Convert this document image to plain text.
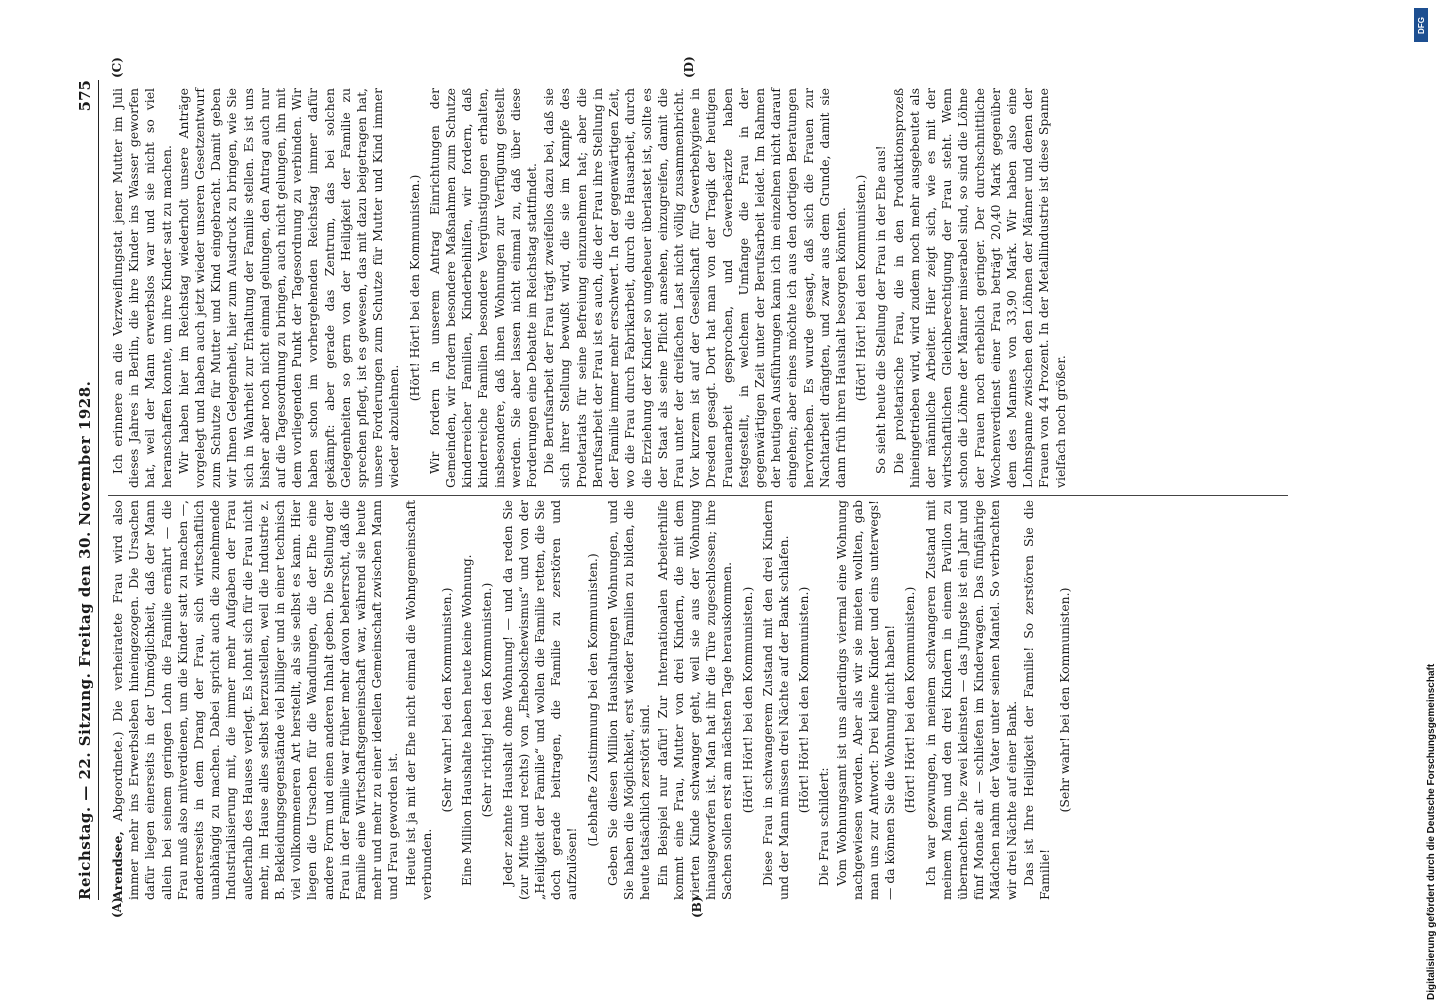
Reichstag. — 22. Sitzung. Freitag den 30. November 1928.
575
(A)	(B)
(C)	(D)

Arendsee, Abgeordnete.) Die verheiratete Frau wird also immer mehr ins Erwerbsleben hineingezogen. Die Ursachen dafür liegen einerseits in der Unmöglichkeit, daß der Mann allein bei seinem geringen Lohn die Familie ernährt — die Frau muß also mitverdienen, um die Kinder satt zu machen —, andererseits in dem Drang der Frau, sich wirtschaftlich unabhängig zu machen. Dabei spricht auch die zunehmende Industrialisierung mit, die immer mehr Aufgaben der Frau außerhalb des Hauses verlegt. Es lohnt sich für die Frau nicht mehr, im Hause alles selbst herzustellen, weil die Industrie z. B. Bekleidungsgegenstände viel billiger und in einer technisch viel vollkommeneren Art herstellt, als sie selbst es kann. Hier liegen die Ursachen für die Wandlungen, die der Ehe eine andere Form und einen anderen Inhalt geben. Die Stellung der Frau in der Familie war früher mehr davon beherrscht, daß die Familie eine Wirtschaftsgemeinschaft war, während sie heute mehr und mehr zu einer ideellen Gemeinschaft zwischen Mann und Frau geworden ist. Heute ist ja mit der Ehe nicht einmal die Wohngemeinschaft verbunden.

(Sehr wahr! bei den Kommunisten.) Eine Million Haushalte haben heute keine Wohnung. (Sehr richtig! bei den Kommunisten.) Jeder zehnte Haushalt ohne Wohnung! — und da reden Sie (zur Mitte und rechts) von „Ehebolschewismus“ und von der „Heiligkeit der Familie“ und wollen die Familie retten, die Sie doch gerade beitragen, die Familie zu zerstören und aufzulösen!

(Lebhafte Zustimmung bei den Kommunisten.) Geben Sie diesen Million Haushaltungen Wohnungen, und Sie haben die Möglichkeit, erst wieder Familien zu bilden, die heute tatsächlich zerstört sind. Ein Beispiel nur dafür! Zur Internationalen Arbeiterhilfe kommt eine Frau, Mutter von drei Kindern, die mit dem vierten Kinde schwanger geht, weil sie aus der Wohnung hinausgeworfen ist. Man hat ihr die Türe zugeschlossen; ihre Sachen sollen erst am nächsten Tage herauskommen. (Hört! Hört! bei den Kommunisten.) Diese Frau in schwangerem Zustand mit den drei Kindern und der Mann müssen drei Nächte auf der Bank schlafen. (Hört! Hört! bei den Kommunisten.)

Die Frau schildert: Vom Wohnungsamt ist uns allerdings viermal eine Wohnung nachgewiesen worden. Aber als wir sie mieten wollten, gab man uns zur Antwort: Drei kleine Kinder und eins unterwegs! — da können Sie die Wohnung nicht haben! (Hört! Hört! bei den Kommunisten.) Ich war gezwungen, in meinem schwangeren Zustand mit meinem Mann und den drei Kindern in einem Pavillon zu übernachten. Die zwei kleinsten — das Jüngste ist ein Jahr und fünf Monate alt — schliefen im Kinderwagen. Das fünfjährige Mädchen nahm der Vater unter seinen Mantel. So verbrachten wir drei Nächte auf einer Bank. Das ist Ihre Heiligkeit der Familie! So zerstören Sie die Familie!

(Sehr wahr! bei den Kommunisten.)

Ich erinnere an die Verzweiflungstat jener Mutter im Juli dieses Jahres in Berlin, die ihre Kinder ins Wasser geworfen hat, weil der Mann erwerbslos war und sie nicht so viel heranschaffen konnte, um ihre Kinder satt zu machen. Wir haben hier im Reichstag wiederholt unsere Anträge vorgelegt und haben auch jetzt wieder unseren Gesetzentwurf zum Schutze für Mutter und Kind eingebracht. Damit geben wir Ihnen Gelegenheit, hier zum Ausdruck zu bringen, wie Sie sich in Wahrheit zur Erhaltung der Familie stellen. Es ist uns bisher aber noch nicht einmal gelungen, den Antrag auch nur auf die Tagesordnung zu bringen, auch nicht gelungen, ihn mit dem vorliegenden Punkt der Tagesordnung zu verbinden. Wir haben schon im vorhergehenden Reichstag immer dafür gekämpft: aber gerade das Zentrum, das bei solchen Gelegenheiten so gern von der Heiligkeit der Familie zu sprechen pflegt, ist es gewesen, das mit dazu beigetragen hat, unsere Forderungen zum Schutze für Mutter und Kind immer wieder abzulehnen.

(Hört! Hört! bei den Kommunisten.) Wir fordern in unserem Antrag Einrichtungen der Gemeinden, wir fordern besondere Maßnahmen zum Schutze kinderreicher Familien, Kinderbeihilfen, wir fordern, daß kinderreiche Familien besondere Vergünstigungen erhalten, insbesondere, daß ihnen Wohnungen zur Verfügung gestellt werden. Sie aber lassen nicht einmal zu, daß über diese Forderungen eine Debatte im Reichstag stattfindet. Die Berufsarbeit der Frau trägt zweifellos dazu bei, daß sie sich ihrer Stellung bewußt wird, die sie im Kampfe des Proletariats für seine Befreiung einzunehmen hat; aber die Berufsarbeit der Frau ist es auch, die der Frau ihre Stellung in der Familie immer mehr erschwert. In der gegenwärtigen Zeit, wo die Frau durch Fabrikarbeit, durch die Hausarbeit, durch die Erziehung der Kinder so ungeheuer überlastet ist, sollte es der Staat als seine Pflicht ansehen, einzugreifen, damit die Frau unter der dreifachen Last nicht völlig zusammenbricht. Vor kurzem ist auf der Gesellschaft für Gewerbehygiene in Dresden gesagt. Dort hat man von der Tragik der heutigen Frauenarbeit gesprochen, und Gewerbeärzte haben festgestellt, in welchem Umfange die Frau in der gegenwärtigen Zeit unter der Berufsarbeit leidet. Im Rahmen der heutigen Ausführungen kann ich im einzelnen nicht darauf eingehen; aber eines möchte ich aus den dortigen Beratungen hervorheben. Es wurde gesagt, daß sich die Frauen zur Nachtarbeit drängten, und zwar aus dem Grunde, damit sie dann früh ihren Haushalt besorgen könnten. (Hört! Hört! bei den Kommunisten.) So sieht heute die Stellung der Frau in der Ehe aus! Die proletarische Frau, die in den Produktionsprozeß hineingetrieben wird, wird zudem noch mehr ausgebeutet als der männliche Arbeiter. Hier zeigt sich, wie es mit der wirtschaftlichen Gleichberechtigung der Frau steht. Wenn schon die Löhne der Männer miserabel sind, so sind die Löhne der Frauen noch erheblich geringer. Der durchschnittliche Wochenverdienst einer Frau beträgt 20,40 Mark gegenüber dem des Mannes von 33,90 Mark. Wir haben also eine Lohnspanne zwischen den Löhnen der Männer und denen der Frauen von 44 Prozent. In der Metallindustrie ist diese Spanne vielfach noch größer.

Digitalisierung gefördert durch die Deutsche Forschungsgemeinschaft
DFG
